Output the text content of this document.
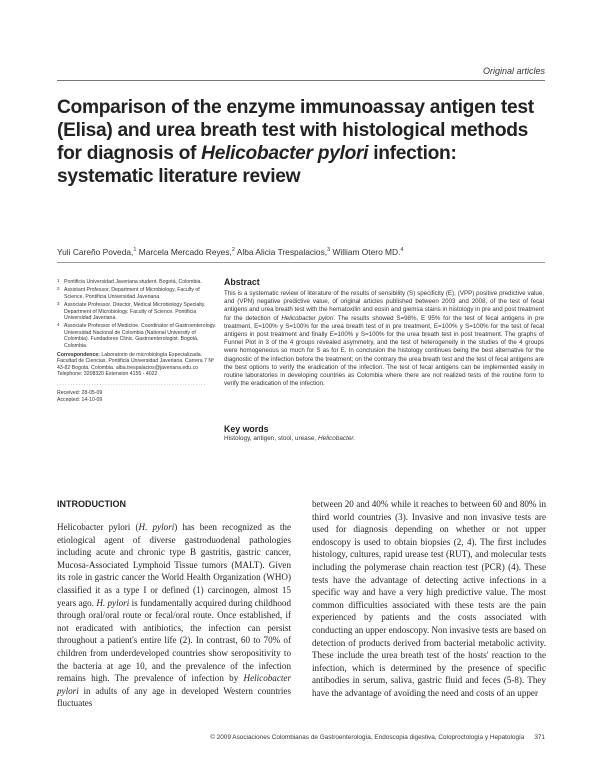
Original articles
Comparison of the enzyme immunoassay antigen test (Elisa) and urea breath test with histological methods for diagnosis of Helicobacter pylori infection: systematic literature review
Yuli Careño Poveda,$^1$ Marcela Mercado Reyes,$^2$ Alba Alicia Trespalacios,$^3$ William Otero MD.$^4$
1 Pontificia Universidad Javeriana student. Bogotá, Colombia.
2 Assistant Professor, Department of Microbiology, Faculty of Science. Pontificia Universidad Javeriana.
3 Associate Professor. Director, Medical Microbiology Specialty. Department of Microbiology. Faculty of Science. Pontificia Universidad Javeriana.
4 Associate Professor of Medicine. Coordinator of Gastroenterology. Universidad Nacional de Colombia (National University of Colombia). Fundadores Clinic. Gastroenterologist. Bogotá, Colombia.
Correspondence: Laboratorio de microbiología Especializada. Facultad de Ciencias. Pontificia Universidad Javeriana. Carrera 7 Nº 43-82 Bogotá, Colombia. alba.trespalacios@javeriana.edu.co Telephone: 3208320 Extension 4155 - 4022
························································
Received: 28-05-09
Accepted: 14-10-09
Abstract
This is a systematic review of literature of the results of sensibility (S) specificity (E), (VPP) positive predictive value, and (VPN) negative predictive value, of original articles published between 2003 and 2008, of the test of fecal antigens and urea breath test with the hematoxilin and eosin and giemsa stains in histology in pre and post treatment for the detection of Helicobacter pylori. The results showed S=98%, E 95% for the test of fecal antigens in pre treatment, E=100% y S=100% for the urea breath test of in pre treatment, E=100% y S=100% for the test of fecal antigens in post treatment and finally E=100% y S=100% for the urea breath test in post treatment. The graphs of Funnel Plot in 3 of the 4 groups revealed asymmetry, and the test of heterogeneity in the studies of the 4 groups were homogeneous so much for S as for E. In conclusion the histology continues being the best alternative for the diagnostic of the infection before the treatment; on the contrary the urea breath test and the test of fecal antigens are the best options to verify the eradication of the infection. The test of fecal antigens can be implemented easily in routine laboratories in developing countries as Colombia where there are not realized tests of the routine form to verify the eradication of the infection.
Key words
Histology, antigen, stool, urease, Helicobacter.
INTRODUCTION
Helicobacter pylori (H. pylori) has been recognized as the etiological agent of diverse gastroduodenal pathologies including acute and chronic type B gastritis, gastric cancer, Mucosa-Associated Lymphoid Tissue tumors (MALT). Given its role in gastric cancer the World Health Organization (WHO) classified it as a type I or defined (1) carcinogen, almost 15 years ago. H. pylori is fundamentally acquired during childhood through oral/oral route or fecal/oral route. Once established, if not eradicated with antibiotics, the infection can persist throughout a patient's entire life (2). In contrast, 60 to 70% of children from underdeveloped countries show seropositivity to the bacteria at age 10, and the prevalence of the infection remains high. The prevalence of infection by Helicobacter pylori in adults of any age in developed Western countries fluctuates
between 20 and 40% while it reaches to between 60 and 80% in third world countries (3). Invasive and non invasive tests are used for diagnosis depending on whether or not upper endoscopy is used to obtain biopsies (2, 4). The first includes histology, cultures, rapid urease test (RUT), and molecular tests including the polymerase chain reaction test (PCR) (4). These tests have the advantage of detecting active infections in a specific way and have a very high predictive value. The most common difficulties associated with these tests are the pain experienced by patients and the costs associated with conducting an upper endoscopy. Non invasive tests are based on detection of products derived from bacterial metabolic activity. These include the urea breath test of the hosts' reaction to the infection, which is determined by the presence of specific antibodies in serum, saliva, gastric fluid and feces (5-8). They have the advantage of avoiding the need and costs of an upper
© 2009 Asociaciones Colombianas de Gastroenterología, Endoscopia digestiva, Coloproctología y Hepatología 371
